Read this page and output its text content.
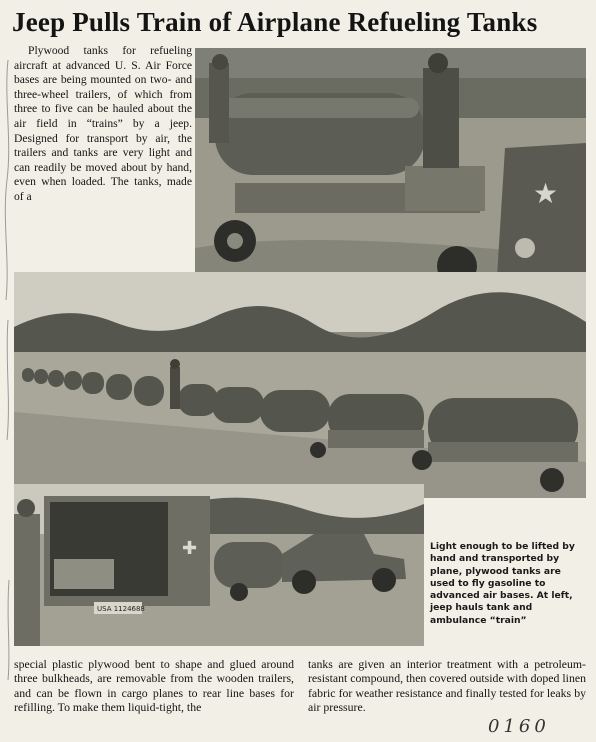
Jeep Pulls Train of Airplane Refueling Tanks

Plywood tanks for refueling aircraft at advanced U. S. Air Force bases are being mounted on two- and three-wheel trailers, of which from three to five can be hauled about the air field in “trains” by a jeep. Designed for transport by air, the trailers and tanks are very light and can readily be moved about by hand, even when loaded. The tanks, made of a	★
✚
USA 1124688

Light enough to be lifted by hand and transported by plane, plywood tanks are used to fly gasoline to advanced air bases. At left, jeep hauls tank and ambulance “train”

special plastic plywood bent to shape and glued around three bulkheads, are removable from the wooden trailers, and can be flown in cargo planes to rear line bases for refilling. To make them liquid-tight, the

tanks are given an interior treatment with a petroleum-resistant compound, then covered outside with doped linen fabric for weather resistance and finally tested for leaks by air pressure.

0160
